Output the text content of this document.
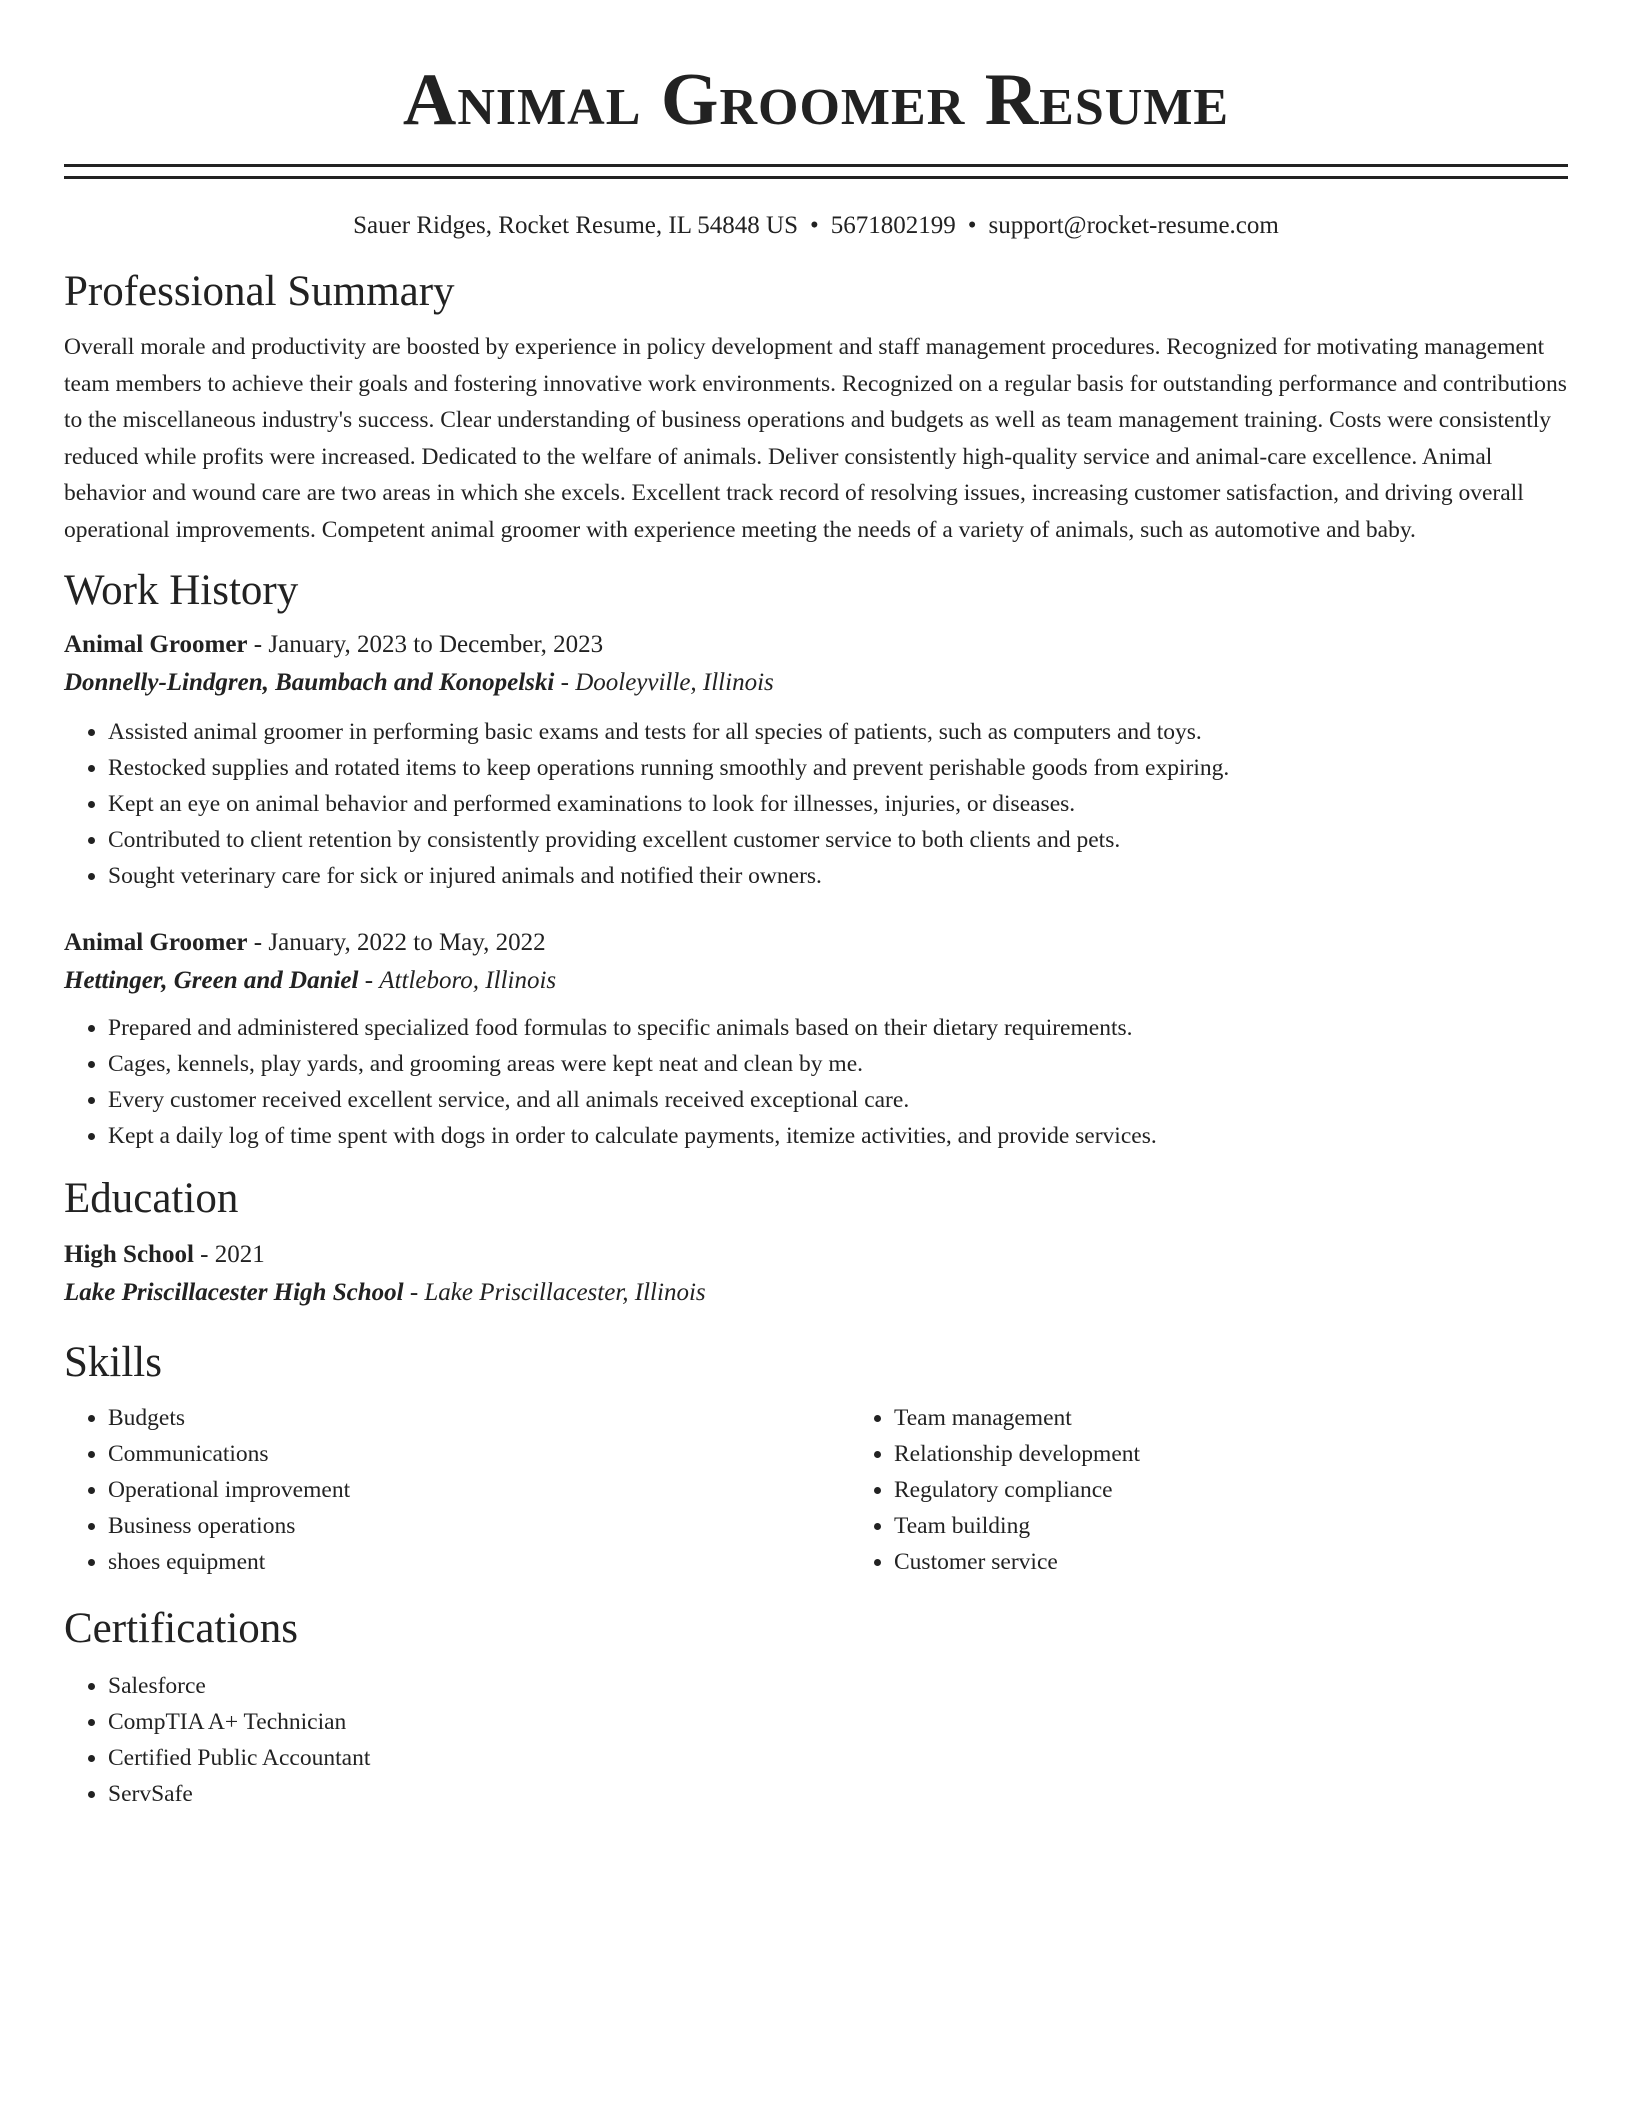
Animal Groomer Resume
Sauer Ridges, Rocket Resume, IL 54848 US • 5671802199 • support@rocket-resume.com
Professional Summary

Overall morale and productivity are boosted by experience in policy development and staff management procedures. Recognized for motivating management team members to achieve their goals and fostering innovative work environments. Recognized on a regular basis for outstanding performance and contributions to the miscellaneous industry's success. Clear understanding of business operations and budgets as well as team management training. Costs were consistently reduced while profits were increased. Dedicated to the welfare of animals. Deliver consistently high-quality service and animal-care excellence. Animal behavior and wound care are two areas in which she excels. Excellent track record of resolving issues, increasing customer satisfaction, and driving overall operational improvements. Competent animal groomer with experience meeting the needs of a variety of animals, such as automotive and baby.

Work History

Animal Groomer - January, 2023 to December, 2023

Donnelly-Lindgren, Baumbach and Konopelski - Dooleyville, Illinois

• Assisted animal groomer in performing basic exams and tests for all species of patients, such as computers and toys.
• Restocked supplies and rotated items to keep operations running smoothly and prevent perishable goods from expiring.
• Kept an eye on animal behavior and performed examinations to look for illnesses, injuries, or diseases.
• Contributed to client retention by consistently providing excellent customer service to both clients and pets.
• Sought veterinary care for sick or injured animals and notified their owners.

Animal Groomer - January, 2022 to May, 2022

Hettinger, Green and Daniel - Attleboro, Illinois

• Prepared and administered specialized food formulas to specific animals based on their dietary requirements.
• Cages, kennels, play yards, and grooming areas were kept neat and clean by me.
• Every customer received excellent service, and all animals received exceptional care.
• Kept a daily log of time spent with dogs in order to calculate payments, itemize activities, and provide services.
Education

High School - 2021

Lake Priscillacester High School - Lake Priscillacester, Illinois

Skills
• Budgets
• Communications
• Operational improvement
• Business operations
• shoes equipment
• Team management
• Relationship development
• Regulatory compliance
• Team building
• Customer service
Certifications
• Salesforce
• CompTIA A+ Technician
• Certified Public Accountant
• ServSafe
